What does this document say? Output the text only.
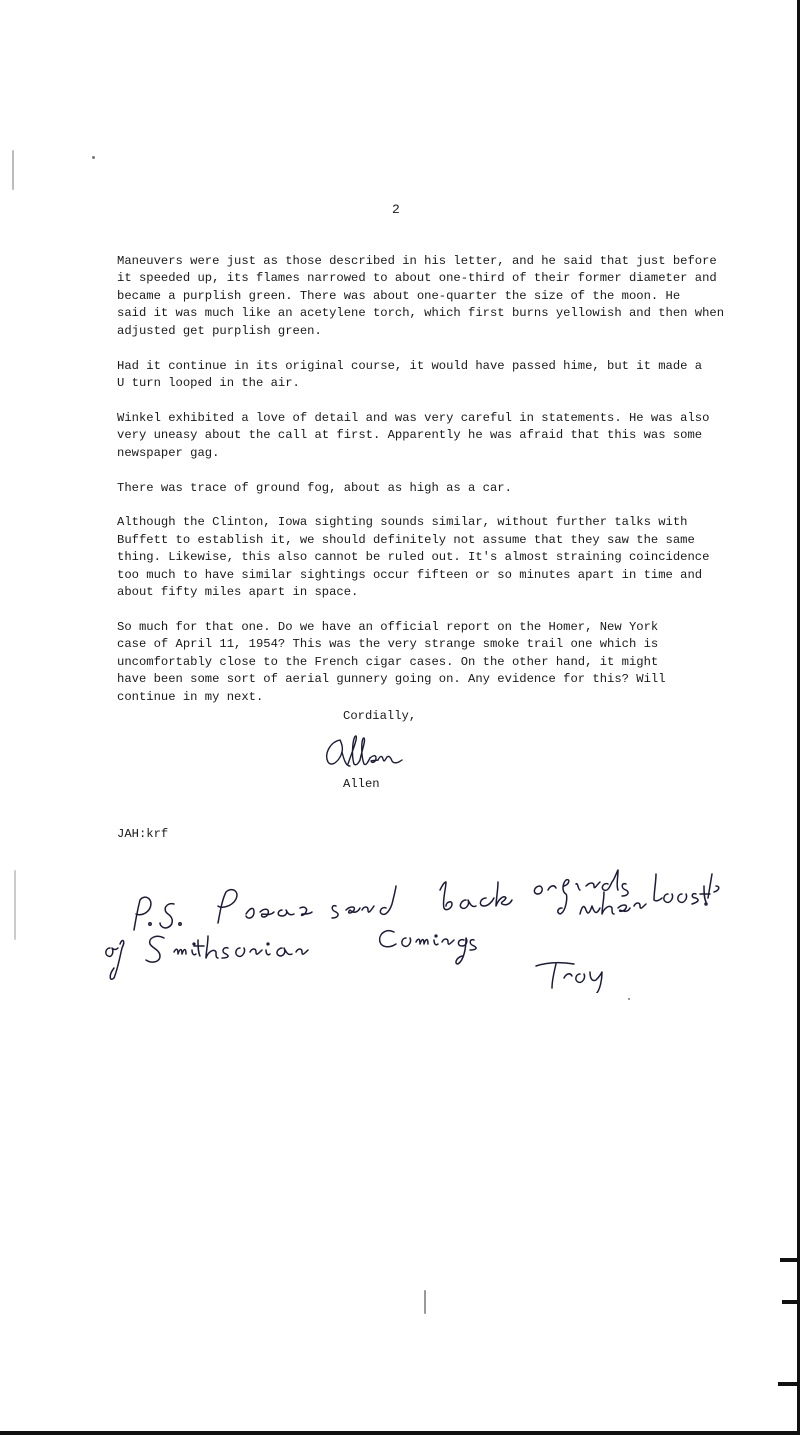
2

Maneuvers were just as those described in his letter, and he said that just before
it speeded up, its flames narrowed to about one-third of their former diameter and
became a purplish green. There was about one-quarter the size of the moon. He
said it was much like an acetylene torch, which first burns yellowish and then when
adjusted get purplish green.

Had it continue in its original course, it would have passed hime, but it made a
U turn looped in the air.

Winkel exhibited a love of detail and was very careful in statements. He was also
very uneasy about the call at first. Apparently he was afraid that this was some
newspaper gag.

There was trace of ground fog, about as high as a car.

Although the Clinton, Iowa sighting sounds similar, without further talks with
Buffett to establish it, we should definitely not assume that they saw the same
thing. Likewise, this also cannot be ruled out. It's almost straining coincidence
too much to have similar sightings occur fifteen or so minutes apart in time and
about fifty miles apart in space.

So much for that one. Do we have an official report on the Homer, New York
case of April 11, 1954? This was the very strange smoke trail one which is
uncomfortably close to the French cigar cases. On the other hand, it might
have been some sort of aerial gunnery going on. Any evidence for this? Will
continue in my next.

Cordially,
Allen
JAH:krf
